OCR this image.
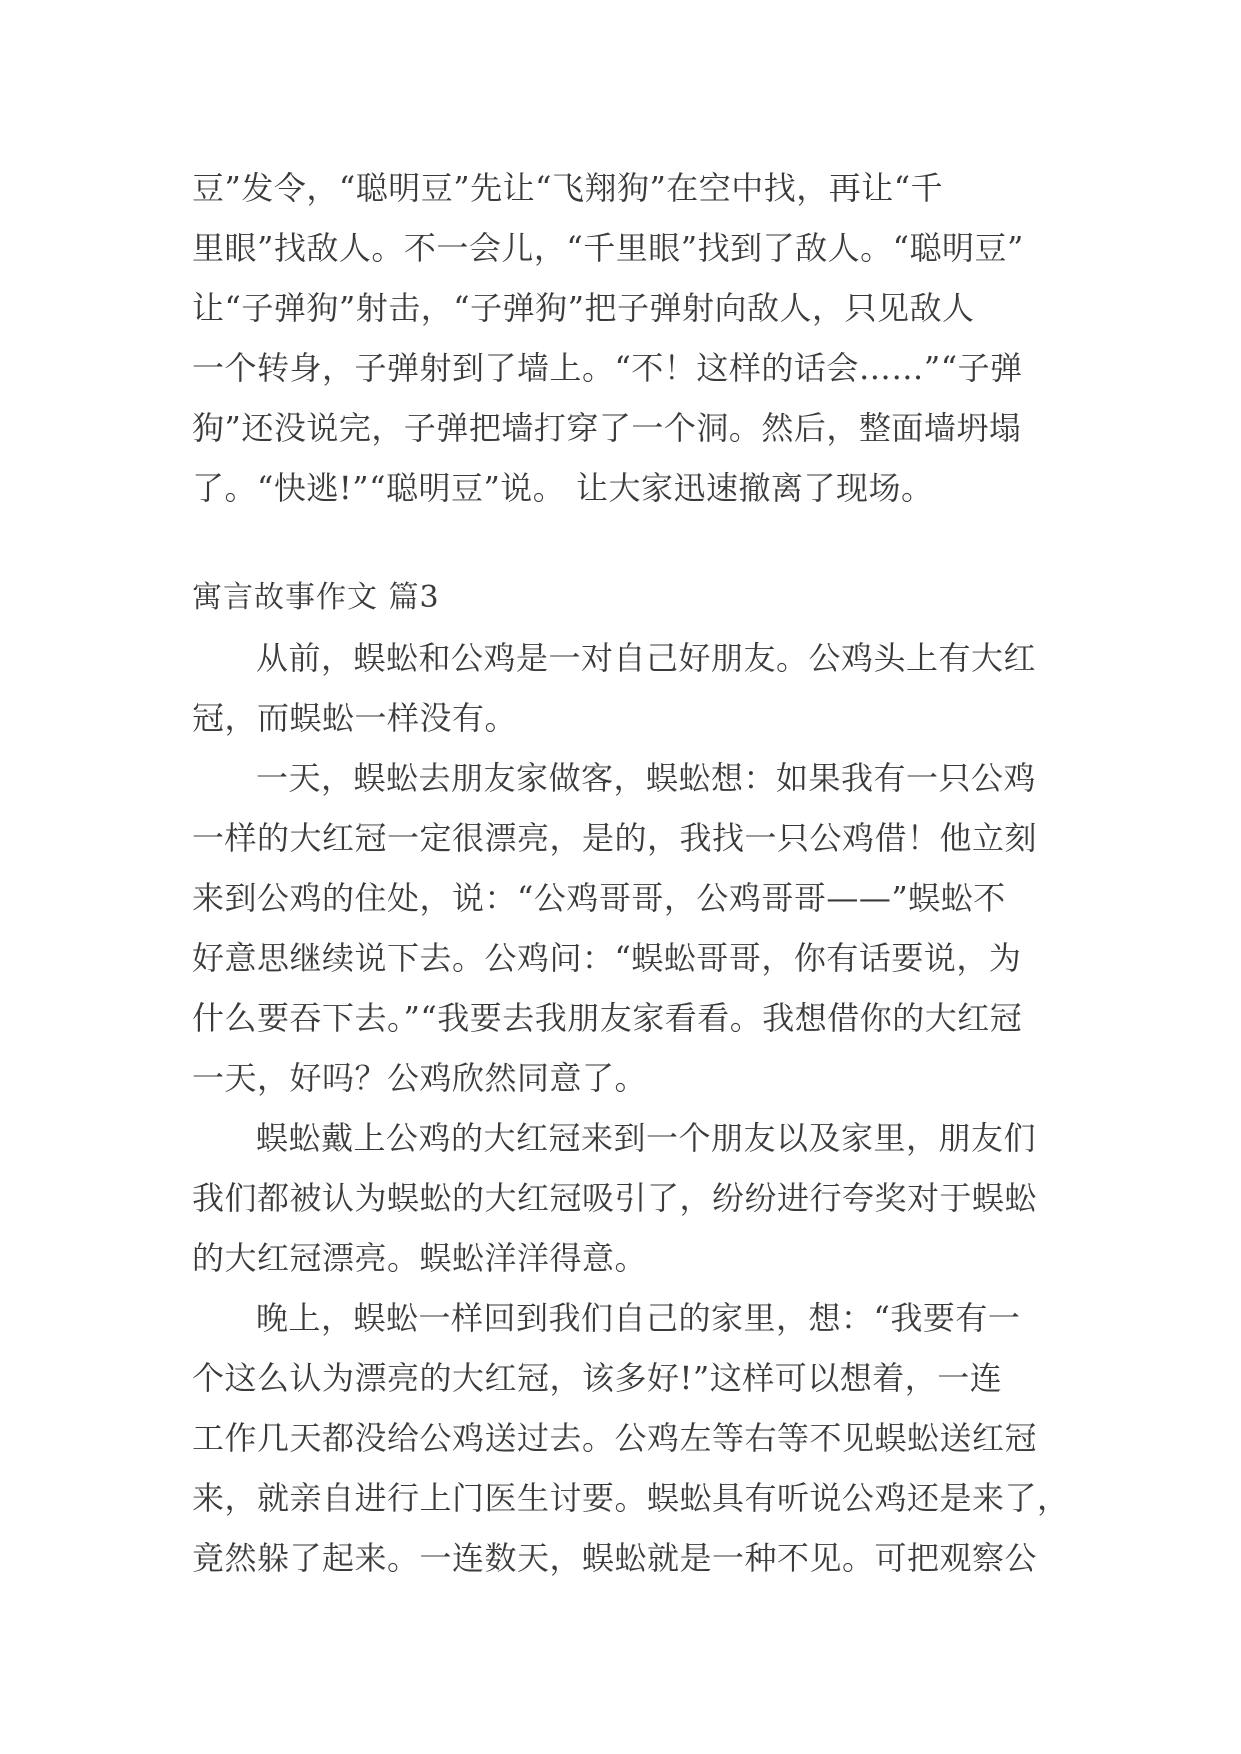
豆”发令，“聪明豆”先让“飞翔狗”在空中找，再让“千
里眼”找敌人。不一会儿，“千里眼”找到了敌人。“聪明豆”
让“子弹狗”射击，“子弹狗”把子弹射向敌人，只见敌人
一个转身，子弹射到了墙上。“不！这样的话会……”“子弹
狗”还没说完，子弹把墙打穿了一个洞。然后，整面墙坍塌
了。“快逃!”“聪明豆”说。 让大家迅速撤离了现场。
寓言故事作文 篇3
从前，蜈蚣和公鸡是一对自己好朋友。公鸡头上有大红
冠，而蜈蚣一样没有。
一天，蜈蚣去朋友家做客，蜈蚣想：如果我有一只公鸡
一样的大红冠一定很漂亮，是的，我找一只公鸡借！他立刻
来到公鸡的住处，说：“公鸡哥哥，公鸡哥哥——”蜈蚣不
好意思继续说下去。公鸡问：“蜈蚣哥哥，你有话要说，为
什么要吞下去。”“我要去我朋友家看看。我想借你的大红冠
一天，好吗？公鸡欣然同意了。
蜈蚣戴上公鸡的大红冠来到一个朋友以及家里，朋友们
我们都被认为蜈蚣的大红冠吸引了，纷纷进行夸奖对于蜈蚣
的大红冠漂亮。蜈蚣洋洋得意。
晚上，蜈蚣一样回到我们自己的家里，想：“我要有一
个这么认为漂亮的大红冠，该多好!”这样可以想着，一连
工作几天都没给公鸡送过去。公鸡左等右等不见蜈蚣送红冠
来，就亲自进行上门医生讨要。蜈蚣具有听说公鸡还是来了，
竟然躲了起来。一连数天，蜈蚣就是一种不见。可把观察公
